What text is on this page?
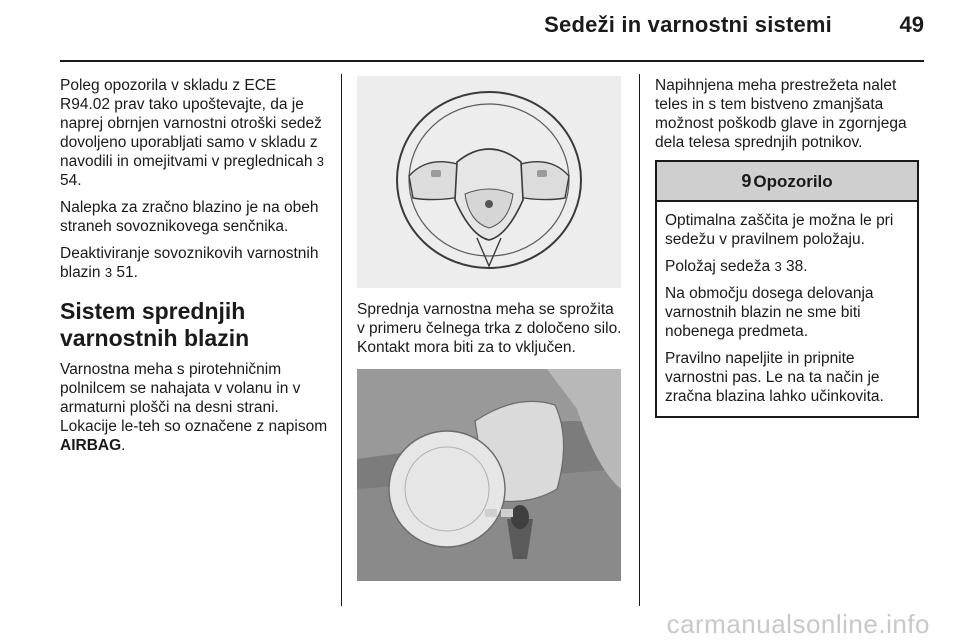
Sedeži in varnostni sistemi	49

Poleg opozorila v skladu z ECE R94.02 prav tako upoštevajte, da je naprej obrnjen varnostni otroški sedež dovoljeno uporabljati samo v skladu z navodili in omejitvami v preglednicah 3 54.

Nalepka za zračno blazino je na obeh straneh sovoznikovega senčnika.

Deaktiviranje sovoznikovih varnostnih blazin 3 51.

Sistem sprednjih varnostnih blazin

Varnostna meha s pirotehničnim polnilcem se nahajata v volanu in v armaturni plošči na desni strani. Lokacije le-teh so označene z napisom AIRBAG.

Sprednja varnostna meha se sprožita v primeru čelnega trka z določeno silo. Kontakt mora biti za to vključen.

Napihnjena meha prestrežeta nalet teles in s tem bistveno zmanjšata možnost poškodb glave in zgornjega dela telesa sprednjih potnikov.

9 Opozorilo

Optimalna zaščita je možna le pri sedežu v pravilnem položaju.

Položaj sedeža 3 38.

Na območju dosega delovanja varnostnih blazin ne sme biti nobenega predmeta.

Pravilno napeljite in pripnite varnostni pas. Le na ta način je zračna blazina lahko učinkovita.

carmanualsonline.info
